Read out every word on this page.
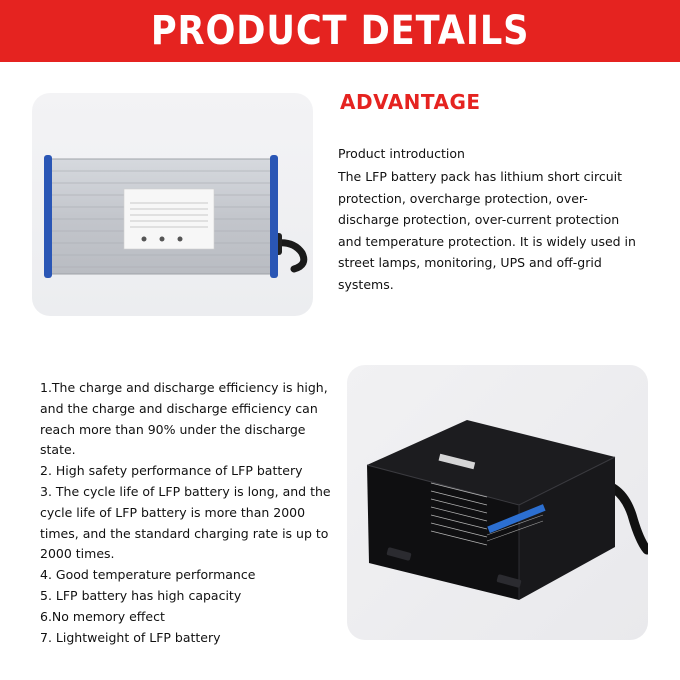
PRODUCT DETAILS
ADVANTAGE
Product introduction
The LFP battery pack has lithium short circuit protection, overcharge protection, over-discharge protection, over-current protection and temperature protection. It is widely used in street lamps, monitoring, UPS and off-grid systems.
1.The charge and discharge efficiency is high, and the charge and discharge efficiency can reach more than 90% under the discharge state.
2. High safety performance of LFP battery
3. The cycle life of LFP battery is long, and the cycle life of LFP battery is more than 2000 times, and the standard charging rate is up to 2000 times.
4. Good temperature performance
5. LFP battery has high capacity
6.No memory effect
7. Lightweight of LFP battery
